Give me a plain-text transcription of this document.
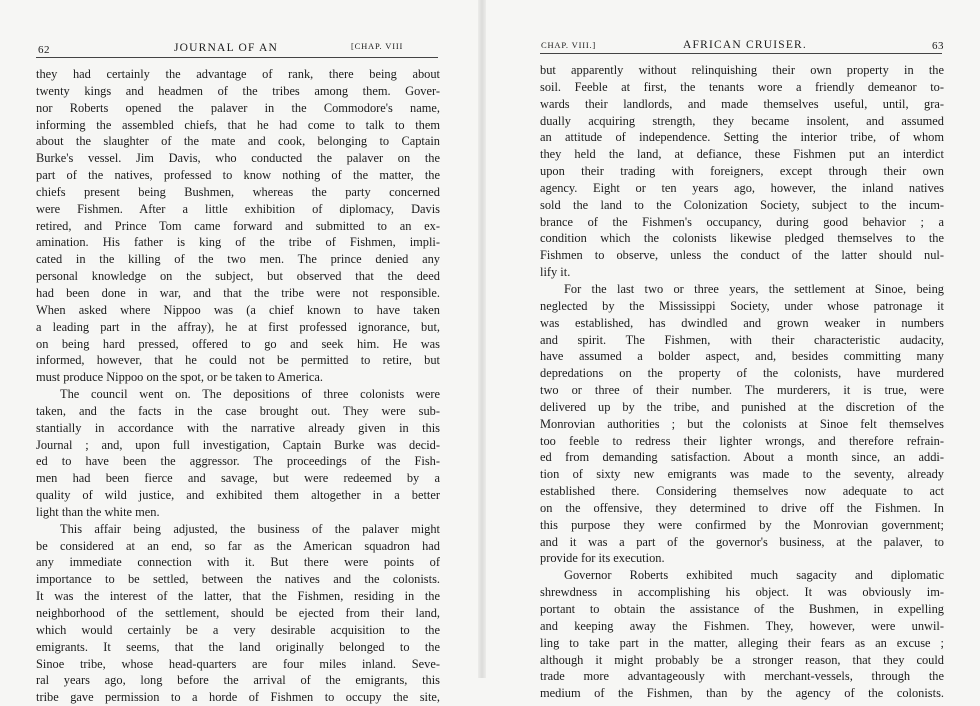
62	JOURNAL OF AN	[CHAP. VIII
they had certainly the advantage of rank, there being about
twenty kings and headmen of the tribes among them. Gover-
nor Roberts opened the palaver in the Commodore's name,
informing the assembled chiefs, that he had come to talk to them
about the slaughter of the mate and cook, belonging to Captain
Burke's vessel. Jim Davis, who conducted the palaver on the
part of the natives, professed to know nothing of the matter, the
chiefs present being Bushmen, whereas the party concerned
were Fishmen. After a little exhibition of diplomacy, Davis
retired, and Prince Tom came forward and submitted to an ex-
amination. His father is king of the tribe of Fishmen, impli-
cated in the killing of the two men. The prince denied any
personal knowledge on the subject, but observed that the deed
had been done in war, and that the tribe were not responsible.
When asked where Nippoo was (a chief known to have taken
a leading part in the affray), he at first professed ignorance, but,
on being hard pressed, offered to go and seek him. He was
informed, however, that he could not be permitted to retire, but
must produce Nippoo on the spot, or be taken to America.
The council went on. The depositions of three colonists were
taken, and the facts in the case brought out. They were sub-
stantially in accordance with the narrative already given in this
Journal ; and, upon full investigation, Captain Burke was decid-
ed to have been the aggressor. The proceedings of the Fish-
men had been fierce and savage, but were redeemed by a
quality of wild justice, and exhibited them altogether in a better
light than the white men.
This affair being adjusted, the business of the palaver might
be considered at an end, so far as the American squadron had
any immediate connection with it. But there were points of
importance to be settled, between the natives and the colonists.
It was the interest of the latter, that the Fishmen, residing in the
neighborhood of the settlement, should be ejected from their land,
which would certainly be a very desirable acquisition to the
emigrants. It seems, that the land originally belonged to the
Sinoe tribe, whose head-quarters are four miles inland. Seve-
ral years ago, long before the arrival of the emigrants, this
tribe gave permission to a horde of Fishmen to occupy the site,
CHAP. VIII.]	AFRICAN CRUISER.	63
but apparently without relinquishing their own property in the
soil. Feeble at first, the tenants wore a friendly demeanor to-
wards their landlords, and made themselves useful, until, gra-
dually acquiring strength, they became insolent, and assumed
an attitude of independence. Setting the interior tribe, of whom
they held the land, at defiance, these Fishmen put an interdict
upon their trading with foreigners, except through their own
agency. Eight or ten years ago, however, the inland natives
sold the land to the Colonization Society, subject to the incum-
brance of the Fishmen's occupancy, during good behavior ; a
condition which the colonists likewise pledged themselves to the
Fishmen to observe, unless the conduct of the latter should nul-
lify it.
For the last two or three years, the settlement at Sinoe, being
neglected by the Mississippi Society, under whose patronage it
was established, has dwindled and grown weaker in numbers
and spirit. The Fishmen, with their characteristic audacity,
have assumed a bolder aspect, and, besides committing many
depredations on the property of the colonists, have murdered
two or three of their number. The murderers, it is true, were
delivered up by the tribe, and punished at the discretion of the
Monrovian authorities ; but the colonists at Sinoe felt themselves
too feeble to redress their lighter wrongs, and therefore refrain-
ed from demanding satisfaction. About a month since, an addi-
tion of sixty new emigrants was made to the seventy, already
established there. Considering themselves now adequate to act
on the offensive, they determined to drive off the Fishmen. In
this purpose they were confirmed by the Monrovian government;
and it was a part of the governor's business, at the palaver, to
provide for its execution.
Governor Roberts exhibited much sagacity and diplomatic
shrewdness in accomplishing his object. It was obviously im-
portant to obtain the assistance of the Bushmen, in expelling
and keeping away the Fishmen. They, however, were unwil-
ling to take part in the matter, alleging their fears as an excuse ;
although it might probably be a stronger reason, that they could
trade more advantageously with merchant-vessels, through the
medium of the Fishmen, than by the agency of the colonists.
